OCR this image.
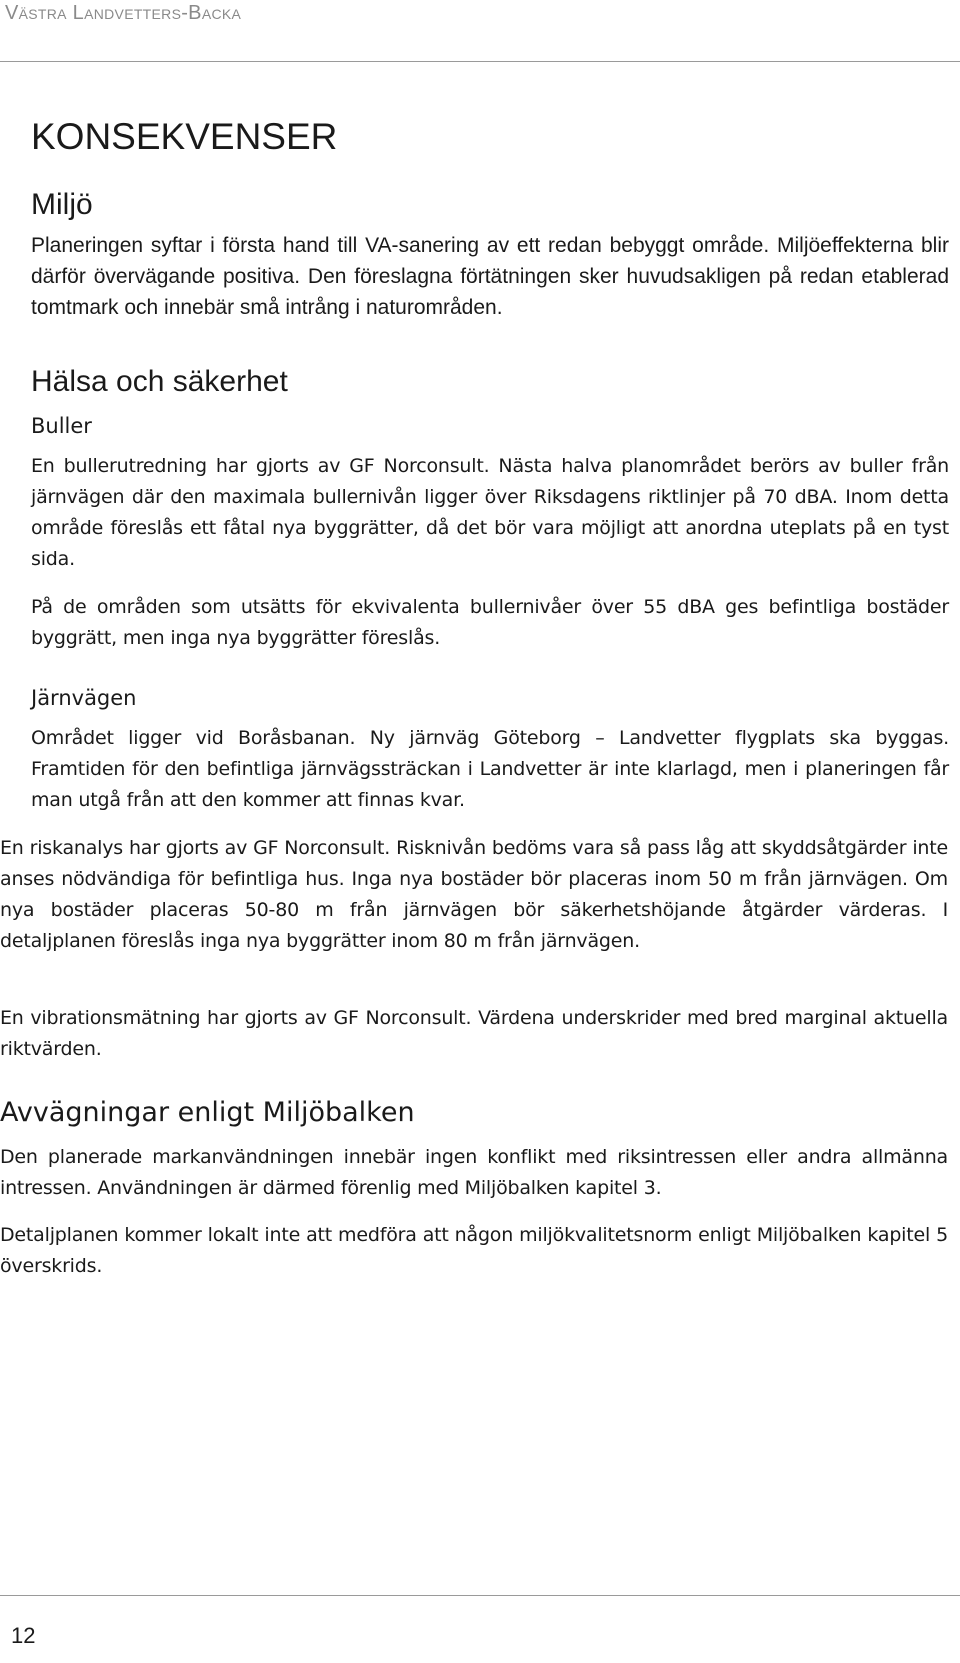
Västra Landvetters-Backa
KONSEKVENSER
Miljö

Planeringen syftar i första hand till VA-sanering av ett redan bebyggt område. Miljöeffekterna blir därför övervägande positiva. Den föreslagna förtätningen sker huvudsakligen på redan etablerad tomtmark och innebär små intrång i naturområden.

Hälsa och säkerhet
Buller

En bullerutredning har gjorts av GF Norconsult. Nästa halva planområdet berörs av buller från järnvägen där den maximala bullernivån ligger över Riksdagens riktlinjer på 70 dBA. Inom detta område föreslås ett fåtal nya byggrätter, då det bör vara möjligt att anordna uteplats på en tyst sida.

På de områden som utsätts för ekvivalenta bullernivåer över 55 dBA ges befintliga bostäder byggrätt, men inga nya byggrätter föreslås.

Järnvägen

Området ligger vid Boråsbanan. Ny järnväg Göteborg – Landvetter flygplats ska byggas. Framtiden för den befintliga järnvägssträckan i Landvetter är inte klarlagd, men i planeringen får man utgå från att den kommer att finnas kvar.

En riskanalys har gjorts av GF Norconsult. Risknivån bedöms vara så pass låg att skyddsåtgärder inte anses nödvändiga för befintliga hus. Inga nya bostäder bör placeras inom 50 m från järnvägen. Om nya bostäder placeras 50-80 m från järnvägen bör säkerhetshöjande åtgärder värderas. I detaljplanen föreslås inga nya byggrätter inom 80 m från järnvägen.

En vibrationsmätning har gjorts av GF Norconsult. Värdena underskrider med bred marginal aktuella riktvärden.

Avvägningar enligt Miljöbalken

Den planerade markanvändningen innebär ingen konflikt med riksintressen eller andra allmänna intressen. Användningen är därmed förenlig med Miljöbalken kapitel 3.

Detaljplanen kommer lokalt inte att medföra att någon miljökvalitetsnorm enligt Miljöbalken kapitel 5 överskrids.

12
